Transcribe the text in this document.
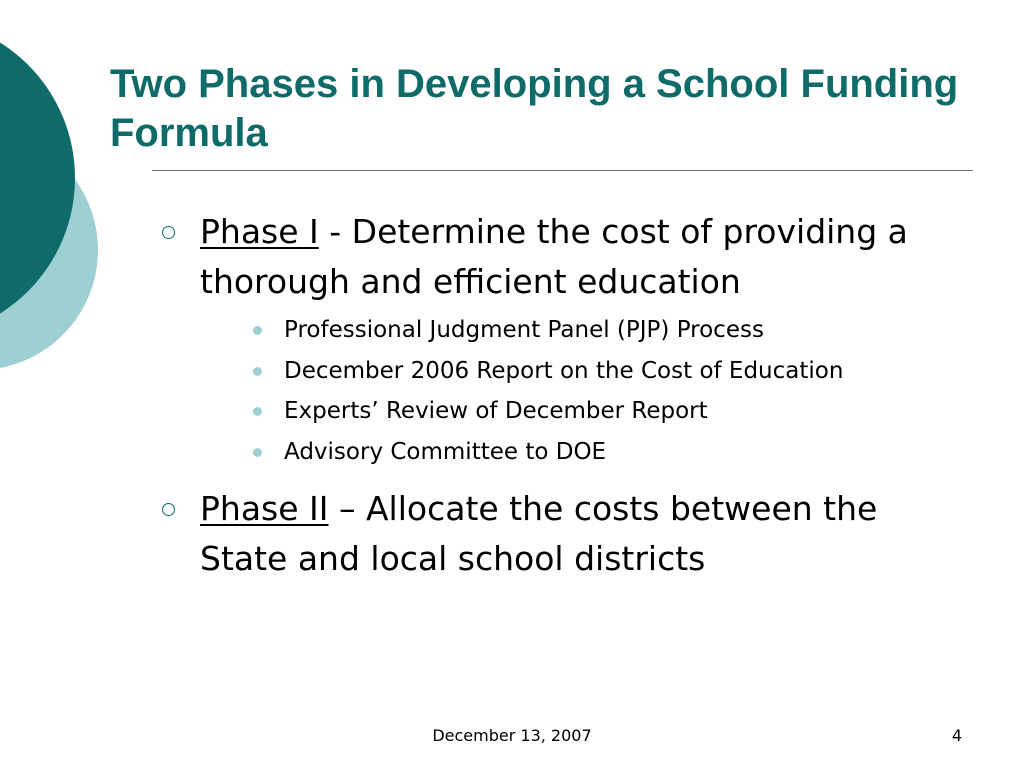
Two Phases in Developing a School Funding Formula
Phase I - Determine the cost of providing a thorough and efficient education
Professional Judgment Panel (PJP) Process
December 2006 Report on the Cost of Education
Experts’ Review of December Report
Advisory Committee to DOE
Phase II – Allocate the costs between the State and local school districts
December 13, 2007	4
